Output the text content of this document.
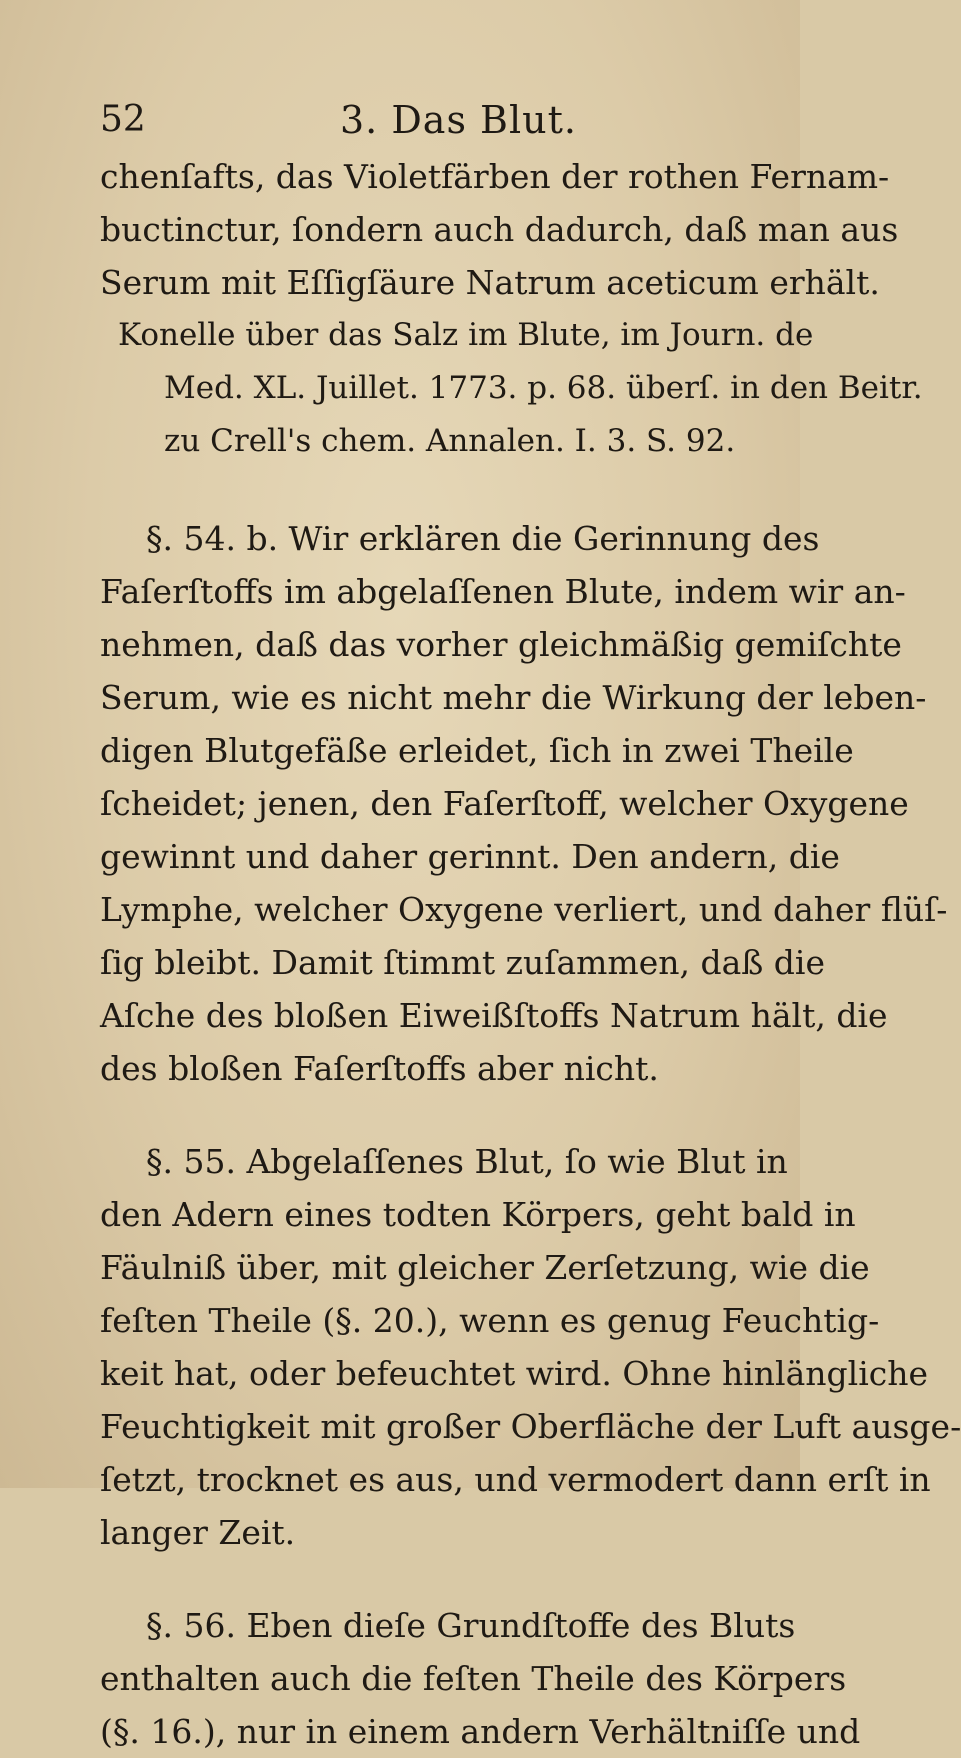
52	3. Das Blut.
chenſafts, das Violetfärben der rothen Fernam-
buctinctur, ſondern auch dadurch, daß man aus
Serum mit Eſſigſäure Natrum aceticum erhält.
Konelle über das Salz im Blute, im Journ. de
Med. XL. Juillet. 1773. p. 68. überſ. in den Beitr.
zu Crell's chem. Annalen. I. 3. S. 92.
§. 54. b. Wir erklären die Gerinnung des
Faſerſtoffs im abgelaſſenen Blute, indem wir an-
nehmen, daß das vorher gleichmäßig gemiſchte
Serum, wie es nicht mehr die Wirkung der leben-
digen Blutgefäße erleidet, ſich in zwei Theile
ſcheidet; jenen, den Faſerſtoff, welcher Oxygene
gewinnt und daher gerinnt. Den andern, die
Lymphe, welcher Oxygene verliert, und daher flüſ-
ſig bleibt. Damit ſtimmt zuſammen, daß die
Aſche des bloßen Eiweißſtoffs Natrum hält, die
des bloßen Faſerſtoffs aber nicht.
§. 55. Abgelaſſenes Blut, ſo wie Blut in
den Adern eines todten Körpers, geht bald in
Fäulniß über, mit gleicher Zerſetzung, wie die
feſten Theile (§. 20.), wenn es genug Feuchtig-
keit hat, oder befeuchtet wird. Ohne hinlängliche
Feuchtigkeit mit großer Oberfläche der Luft ausge-
ſetzt, trocknet es aus, und vermodert dann erſt in
langer Zeit.
§. 56. Eben dieſe Grundſtoffe des Bluts
enthalten auch die feſten Theile des Körpers
(§. 16.), nur in einem andern Verhältniſſe und
